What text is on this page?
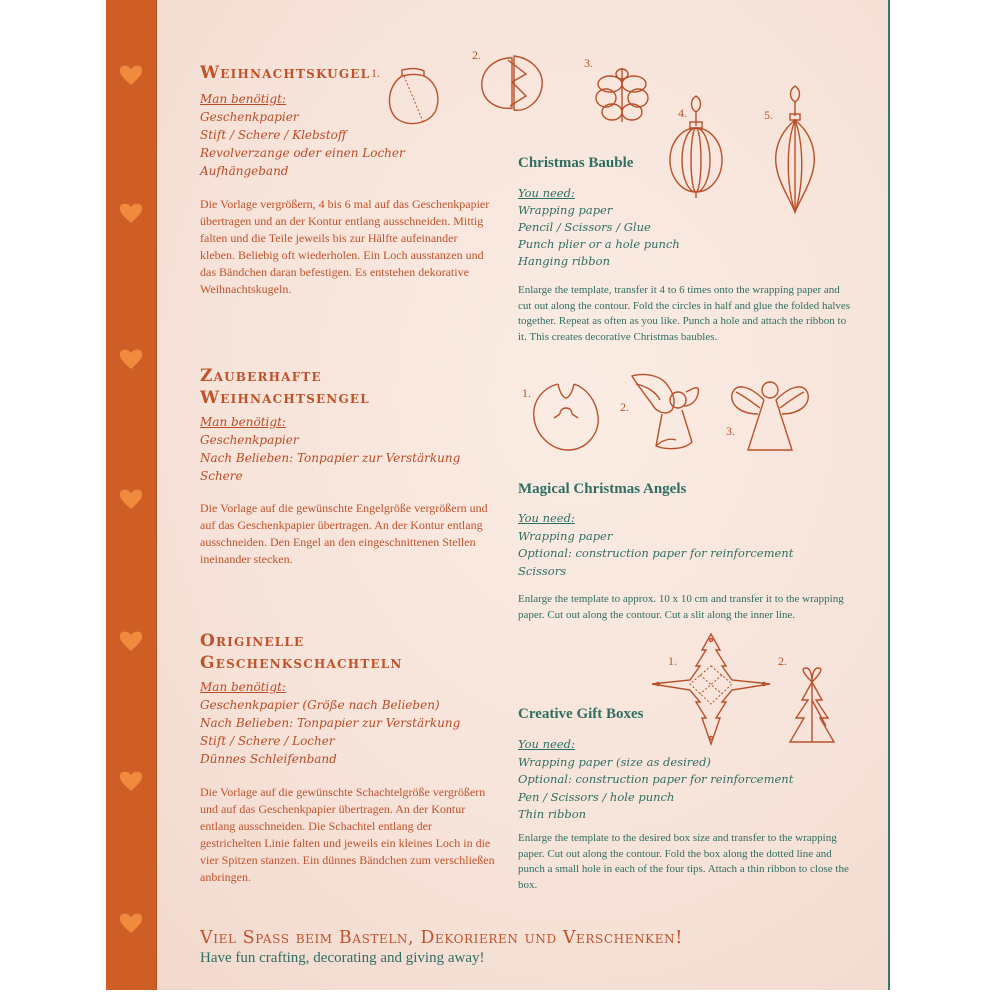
Weihnachtskugel
Man benötigt:
Geschenkpapier
Stift / Schere / Klebstoff
Revolverzange oder einen Locher
Aufhängeband
Die Vorlage vergrößern, 4 bis 6 mal auf das Geschenkpapier übertragen und an der Kontur entlang ausschneiden. Mittig falten und die Teile jeweils bis zur Hälfte aufeinander kleben. Beliebig oft wiederholen. Ein Loch ausstanzen und das Bändchen daran befestigen. Es entstehen dekorative Weihnachtskugeln.
1.
2.
3.
4.	5.
Christmas Bauble
You need:
Wrapping paper
Pencil / Scissors / Glue
Punch plier or a hole punch
Hanging ribbon
Enlarge the template, transfer it 4 to 6 times onto the wrapping paper and cut out along the contour. Fold the circles in half and glue the folded halves together. Repeat as often as you like. Punch a hole and attach the ribbon to it. This creates decorative Christmas baubles.
Zauberhafte
Weihnachtsengel
Man benötigt:
Geschenkpapier
Nach Belieben: Tonpapier zur Verstärkung
Schere
Die Vorlage auf die gewünschte Engelgröße vergrößern und auf das Geschenkpapier übertragen. An der Kontur entlang ausschneiden. Den Engel an den eingeschnittenen Stellen ineinander stecken.
1.
2.
3.
Magical Christmas Angels
You need:
Wrapping paper
Optional: construction paper for reinforcement
Scissors
Enlarge the template to approx. 10 x 10 cm and transfer it to the wrapping paper. Cut out along the contour. Cut a slit along the inner line.
Originelle
Geschenkschachteln
Man benötigt:
Geschenkpapier (Größe nach Belieben)
Nach Belieben: Tonpapier zur Verstärkung
Stift / Schere / Locher
Dünnes Schleifenband
Die Vorlage auf die gewünschte Schachtelgröße vergrößern und auf das Geschenkpapier übertragen. An der Kontur entlang ausschneiden. Die Schachtel entlang der gestrichelten Linie falten und jeweils ein kleines Loch in die vier Spitzen stanzen. Ein dünnes Bändchen zum verschließen anbringen.
1.	2.
Creative Gift Boxes
You need:
Wrapping paper (size as desired)
Optional: construction paper for reinforcement
Pen / Scissors / hole punch
Thin ribbon
Enlarge the template to the desired box size and transfer to the wrapping paper. Cut out along the contour. Fold the box along the dotted line and punch a small hole in each of the four tips. Attach a thin ribbon to close the box.
Viel Spass beim Basteln, Dekorieren und Verschenken!
Have fun crafting, decorating and giving away!
